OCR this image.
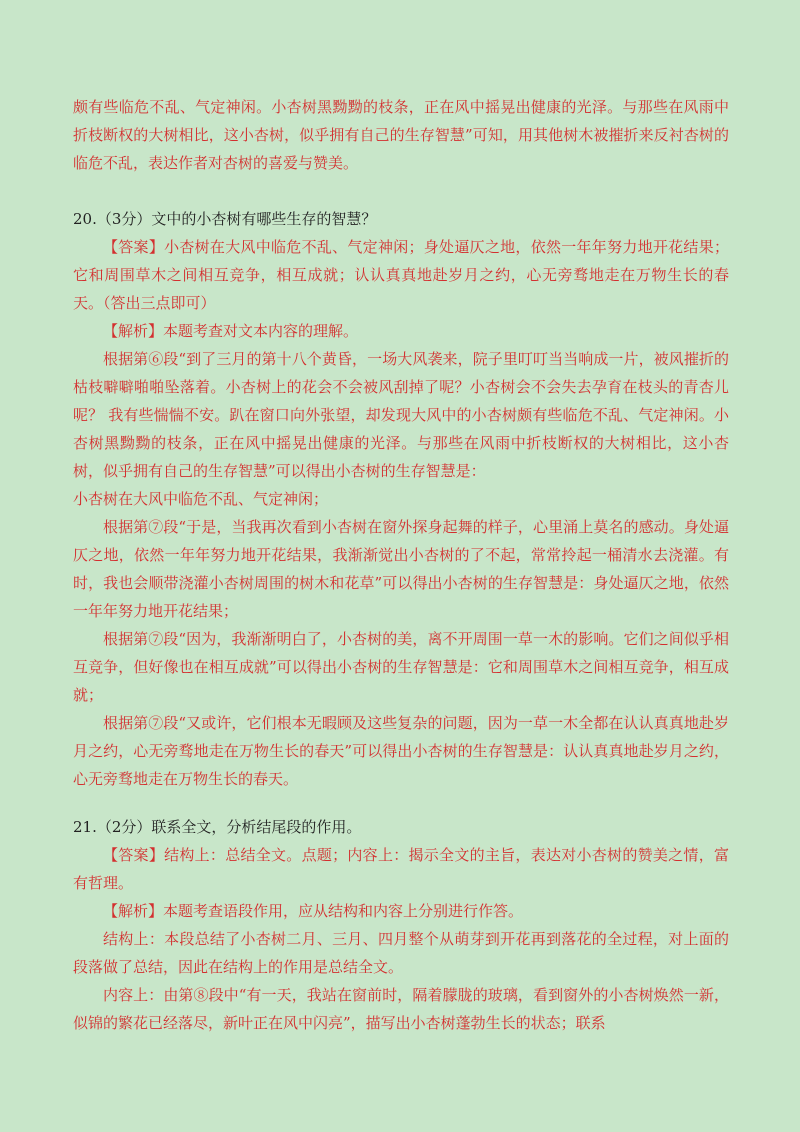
颇有些临危不乱、气定神闲。小杏树黑黝黝的枝条，正在风中摇晃出健康的光泽。与那些在风雨中折枝断权的大树相比，这小杏树，似乎拥有自己的生存智慧”可知，用其他树木被摧折来反衬杏树的临危不乱，表达作者对杏树的喜爱与赞美。

20.（3分）文中的小杏树有哪些生存的智慧？

【答案】小杏树在大风中临危不乱、气定神闲；身处逼仄之地，依然一年年努力地开花结果；它和周围草木之间相互竞争，相互成就；认认真真地赴岁月之约，心无旁骛地走在万物生长的春天。（答出三点即可）

【解析】本题考查对文本内容的理解。

根据第⑥段“到了三月的第十八个黄昏，一场大风袭来，院子里叮叮当当响成一片，被风摧折的枯枝噼噼啪啪坠落着。小杏树上的花会不会被风刮掉了呢？小杏树会不会失去孕育在枝头的青杏儿呢？ 我有些惴惴不安。趴在窗口向外张望，却发现大风中的小杏树颇有些临危不乱、气定神闲。小杏树黑黝黝的枝条，正在风中摇晃出健康的光泽。与那些在风雨中折枝断权的大树相比，这小杏树，似乎拥有自己的生存智慧”可以得出小杏树的生存智慧是：

小杏树在大风中临危不乱、气定神闲；

根据第⑦段“于是，当我再次看到小杏树在窗外探身起舞的样子，心里涌上莫名的感动。身处逼仄之地，依然一年年努力地开花结果，我渐渐觉出小杏树的了不起，常常拎起一桶清水去浇灌。有时，我也会顺带浇灌小杏树周围的树木和花草”可以得出小杏树的生存智慧是：身处逼仄之地，依然一年年努力地开花结果；

根据第⑦段“因为，我渐渐明白了，小杏树的美，离不开周围一草一木的影响。它们之间似乎相互竞争，但好像也在相互成就”可以得出小杏树的生存智慧是：它和周围草木之间相互竞争，相互成就；

根据第⑦段“又或许，它们根本无暇顾及这些复杂的问题，因为一草一木全都在认认真真地赴岁月之约，心无旁骛地走在万物生长的春天”可以得出小杏树的生存智慧是：认认真真地赴岁月之约，心无旁骛地走在万物生长的春天。

21.（2分）联系全文，分析结尾段的作用。

【答案】结构上：总结全文。点题；内容上：揭示全文的主旨，表达对小杏树的赞美之情，富有哲理。

【解析】本题考查语段作用，应从结构和内容上分别进行作答。

结构上：本段总结了小杏树二月、三月、四月整个从萌芽到开花再到落花的全过程，对上面的段落做了总结，因此在结构上的作用是总结全文。

内容上：由第⑧段中“有一天，我站在窗前时，隔着朦胧的玻璃，看到窗外的小杏树焕然一新，似锦的繁花已经落尽，新叶正在风中闪亮”，描写出小杏树蓬勃生长的状态；联系
